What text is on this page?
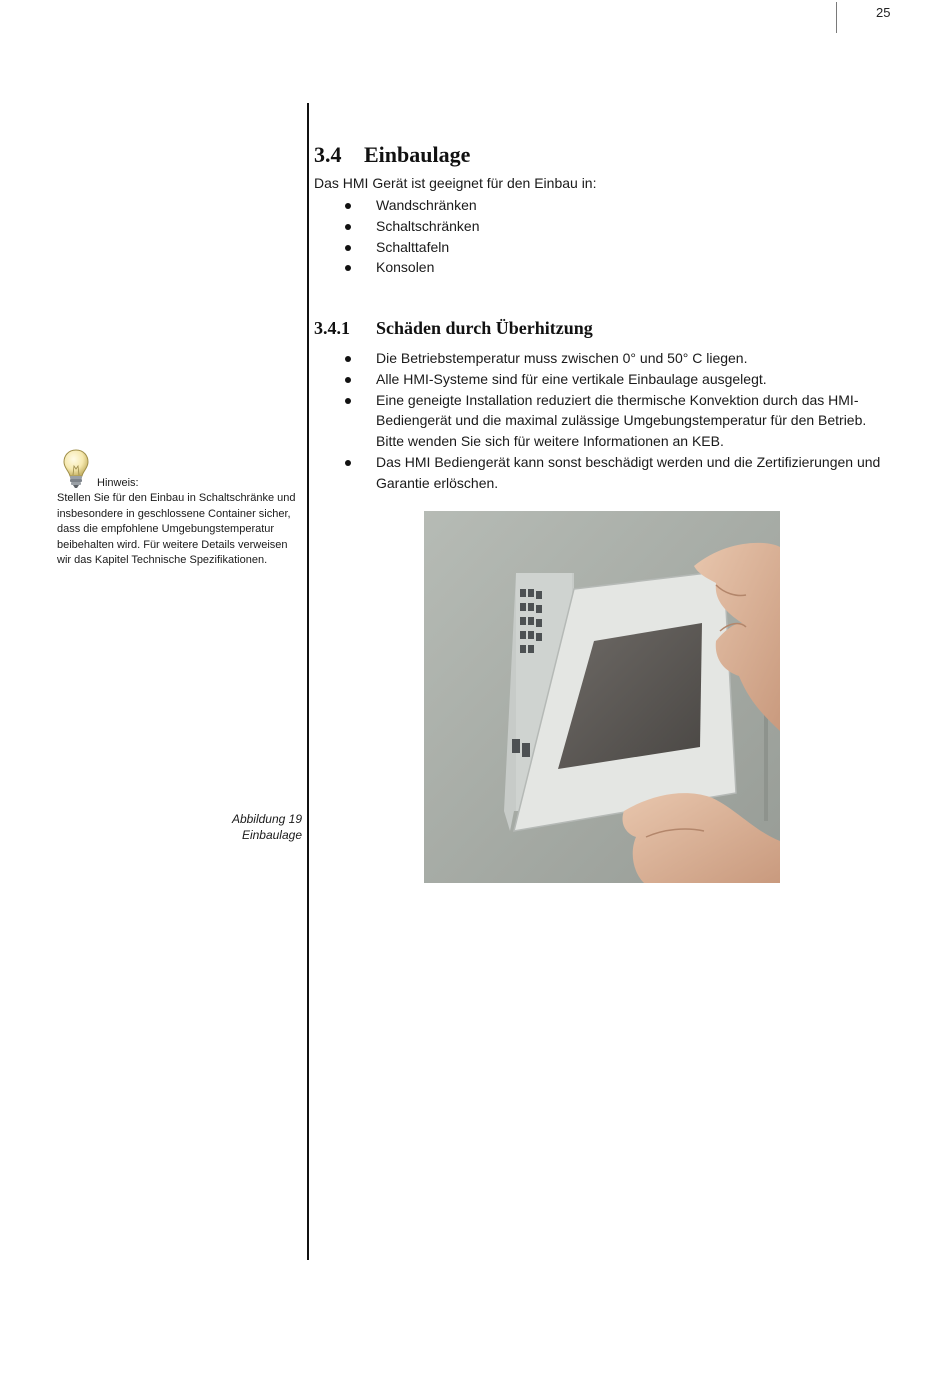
25
3.4 Einbaulage

Das HMI Gerät ist geeignet für den Einbau in:

Wandschränken
Schaltschränken
Schalttafeln
Konsolen
3.4.1 Schäden durch Überhitzung
Die Betriebstemperatur muss zwischen 0° und 50° C liegen.
Alle HMI-Systeme sind für eine vertikale Einbaulage ausgelegt.
Eine geneigte Installation reduziert die thermische Konvektion durch das HMI-Bediengerät und die maximal zulässige Umgebungstemperatur für den Betrieb. Bitte wenden Sie sich für weitere Informationen an KEB.
Das HMI Bediengerät kann sonst beschädigt werden und die Zertifizierungen und Garantie erlöschen.
Hinweis:
Stellen Sie für den Einbau in Schaltschränke und insbesondere in geschlossene Container sicher, dass die empfohlene Umgebungstemperatur beibehalten wird. Für weitere Details verweisen wir das Kapitel Technische Spezifikationen.
Abbildung 19
Einbaulage
